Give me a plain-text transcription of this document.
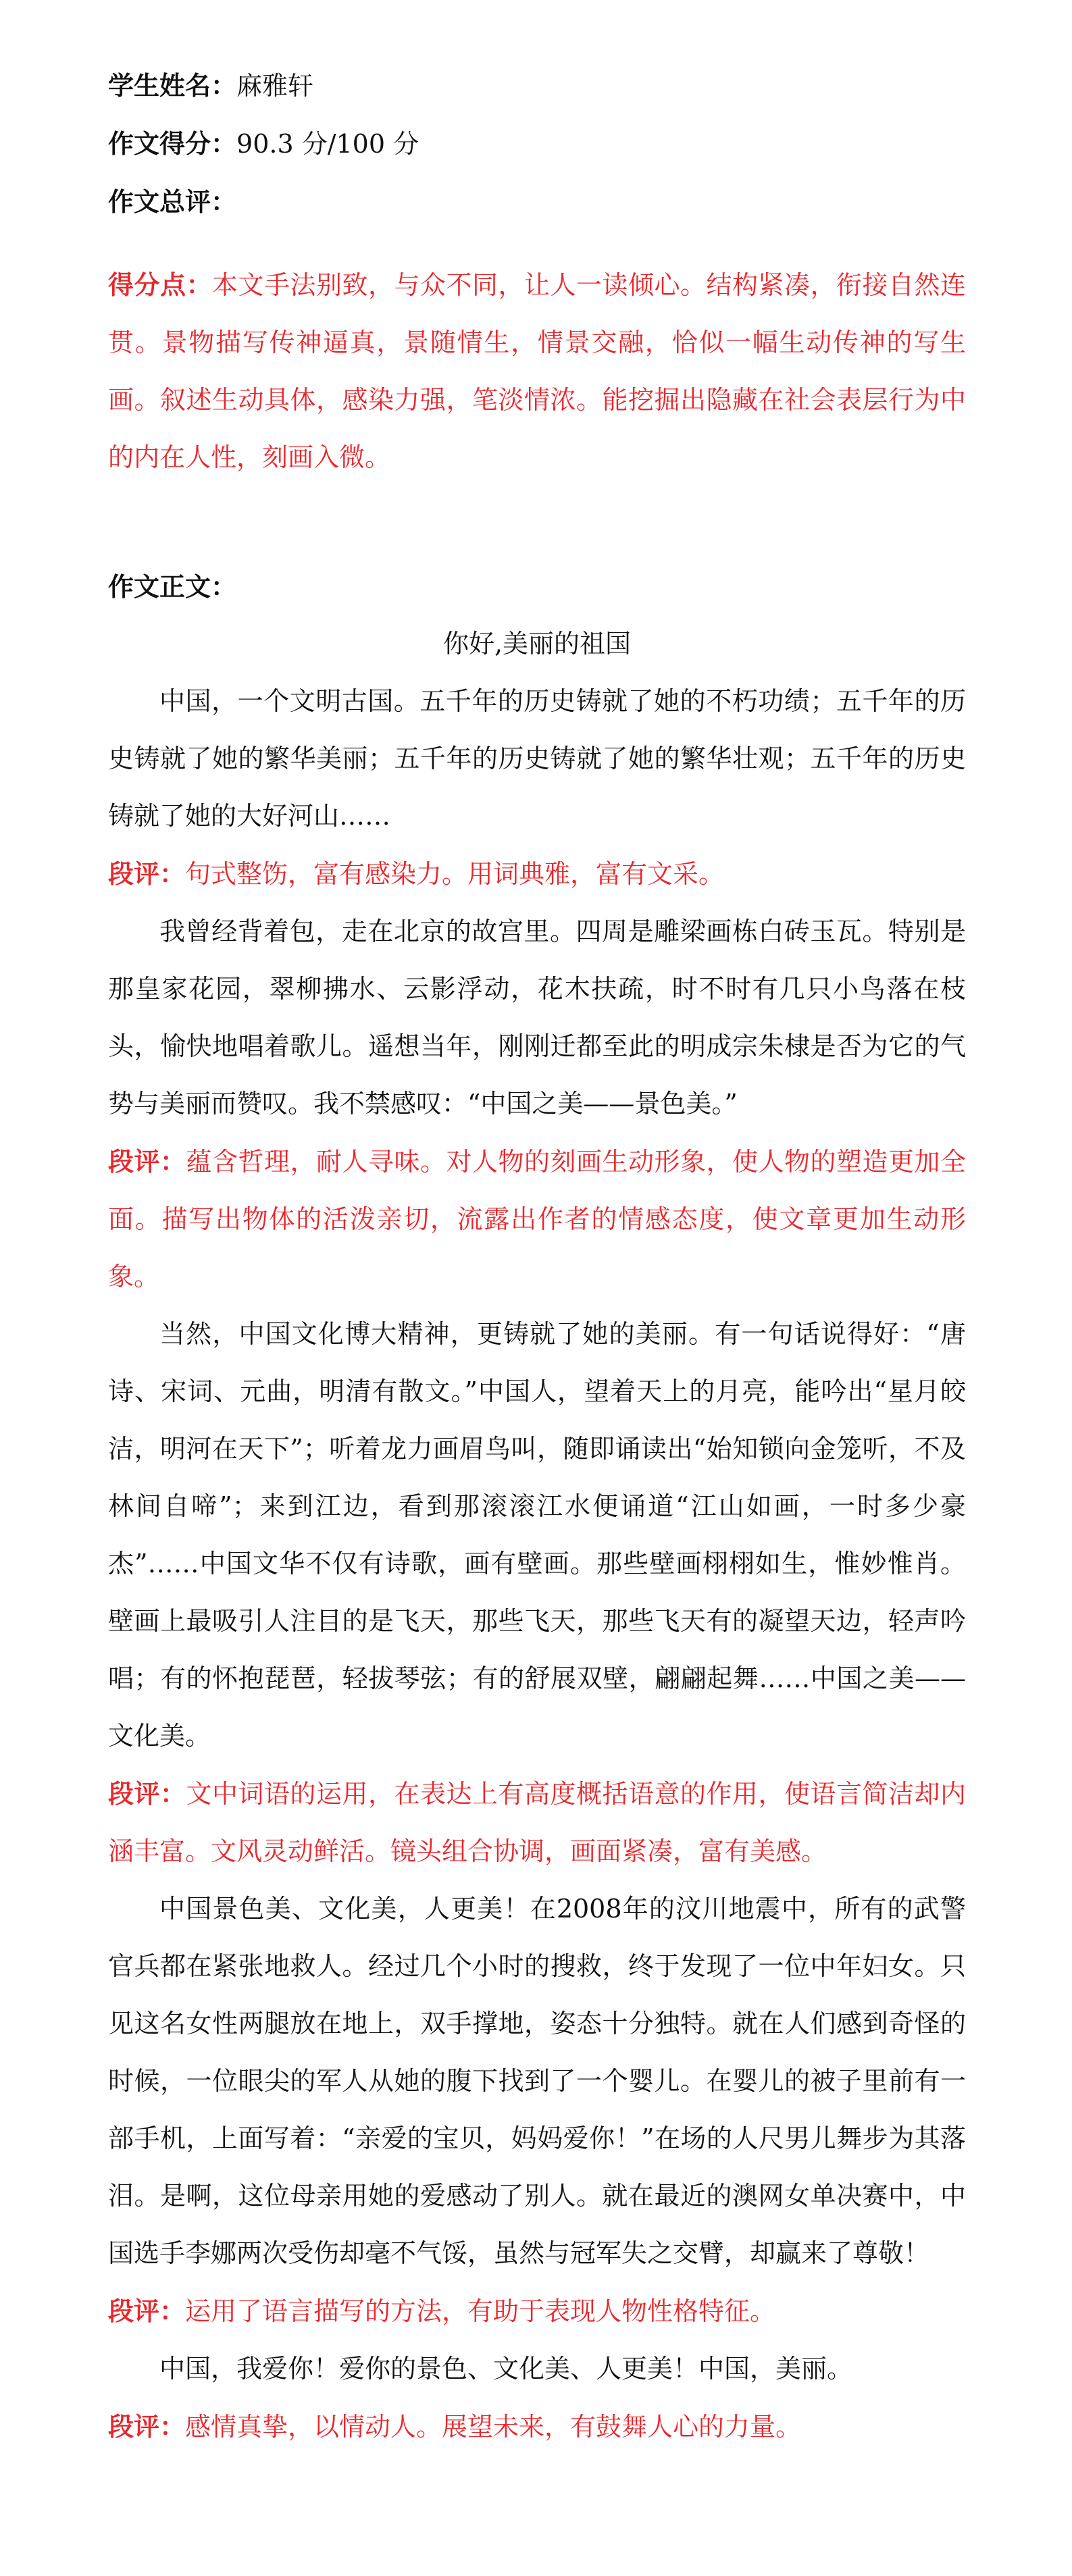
学生姓名：麻雅轩

作文得分：90.3 分/100 分

作文总评：

得分点：本文手法别致，与众不同，让人一读倾心。结构紧凑，衔接自然连贯。景物描写传神逼真，景随情生，情景交融，恰似一幅生动传神的写生画。叙述生动具体，感染力强，笔淡情浓。能挖掘出隐藏在社会表层行为中的内在人性，刻画入微。

作文正文：

你好,美丽的祖国

中国，一个文明古国。五千年的历史铸就了她的不朽功绩；五千年的历史铸就了她的繁华美丽；五千年的历史铸就了她的繁华壮观；五千年的历史铸就了她的大好河山……

段评：句式整饬，富有感染力。用词典雅，富有文采。

我曾经背着包，走在北京的故宫里。四周是雕梁画栋白砖玉瓦。特别是那皇家花园，翠柳拂水、云影浮动，花木扶疏，时不时有几只小鸟落在枝头，愉快地唱着歌儿。遥想当年，刚刚迁都至此的明成宗朱棣是否为它的气势与美丽而赞叹。我不禁感叹：“中国之美——景色美。”

段评：蕴含哲理，耐人寻味。对人物的刻画生动形象，使人物的塑造更加全面。描写出物体的活泼亲切，流露出作者的情感态度，使文章更加生动形象。

当然，中国文化博大精神，更铸就了她的美丽。有一句话说得好：“唐诗、宋词、元曲，明清有散文。”中国人，望着天上的月亮，能吟出“星月皎洁，明河在天下”；听着龙力画眉鸟叫，随即诵读出“始知锁向金笼听，不及林间自啼”；来到江边，看到那滚滚江水便诵道“江山如画，一时多少豪杰”……中国文华不仅有诗歌，画有壁画。那些壁画栩栩如生，惟妙惟肖。壁画上最吸引人注目的是飞天，那些飞天，那些飞天有的凝望天边，轻声吟唱；有的怀抱琵琶，轻拔琴弦；有的舒展双壁，翩翩起舞……中国之美——文化美。

段评：文中词语的运用，在表达上有高度概括语意的作用，使语言简洁却内涵丰富。文风灵动鲜活。镜头组合协调，画面紧凑，富有美感。

中国景色美、文化美，人更美！在2008年的汶川地震中，所有的武警官兵都在紧张地救人。经过几个小时的搜救，终于发现了一位中年妇女。只见这名女性两腿放在地上，双手撑地，姿态十分独特。就在人们感到奇怪的时候，一位眼尖的军人从她的腹下找到了一个婴儿。在婴儿的被子里前有一部手机，上面写着：“亲爱的宝贝，妈妈爱你！”在场的人尺男儿舞步为其落泪。是啊，这位母亲用她的爱感动了别人。就在最近的澳网女单决赛中，中国选手李娜两次受伤却毫不气馁，虽然与冠军失之交臂，却赢来了尊敬！

段评：运用了语言描写的方法，有助于表现人物性格特征。

中国，我爱你！爱你的景色、文化美、人更美！中国，美丽。

段评：感情真挚，以情动人。展望未来，有鼓舞人心的力量。
